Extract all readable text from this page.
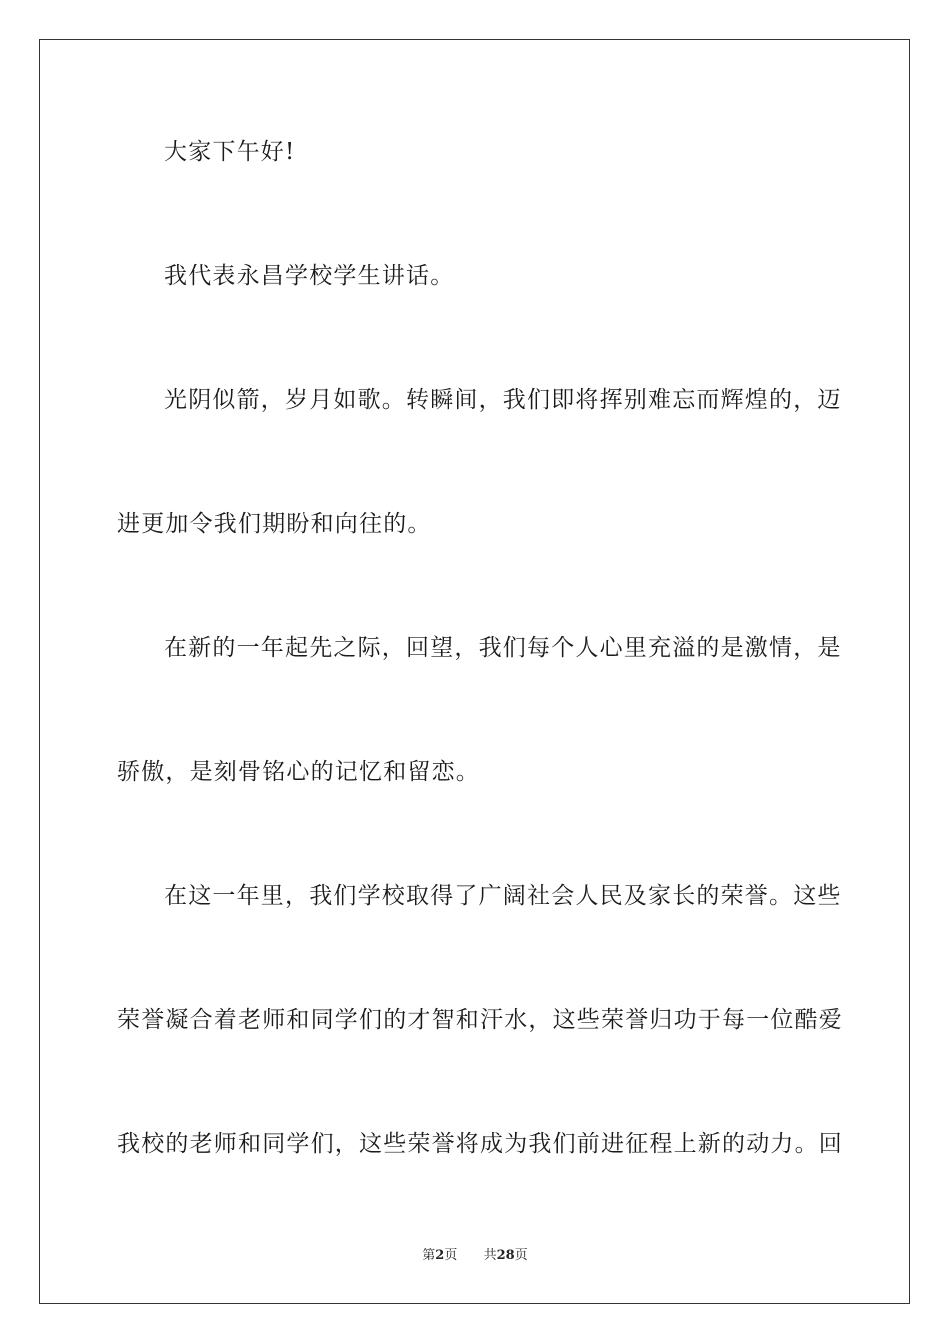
大家下午好!
我代表永昌学校学生讲话。
光阴似箭，岁月如歌。转瞬间，我们即将挥别难忘而辉煌的，迈
进更加令我们期盼和向往的。
在新的一年起先之际，回望，我们每个人心里充溢的是激情，是
骄傲，是刻骨铭心的记忆和留恋。
在这一年里，我们学校取得了广阔社会人民及家长的荣誉。这些
荣誉凝合着老师和同学们的才智和汗水，这些荣誉归功于每一位酷爱
我校的老师和同学们，这些荣誉将成为我们前进征程上新的动力。回
第2页 共28页
